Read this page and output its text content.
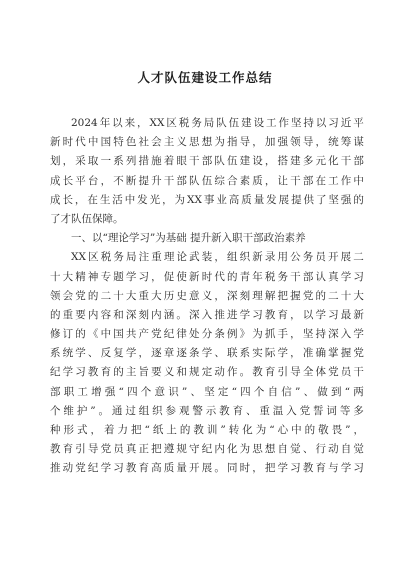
人才队伍建设工作总结
2024 年 以 来 ， XX 区 税 务 局 队 伍 建 设 工 作 坚 持 以 习 近 平
新 时 代 中 国 特 色 社 会 主 义 思 想 为 指 导 ， 加 强 领 导 ， 统 筹 谋
划 ， 采 取 一 系 列 措 施 着 眼 干 部 队 伍 建 设 ， 搭 建 多 元 化 干 部
成 长 平 台 ， 不 断 提 升 干 部 队 伍 综 合 素 质 ， 让 干 部 在 工 作 中
成 长 ， 在 生 活 中 发 光 ， 为 XX 事 业 高 质 量 发 展 提 供 了 坚 强 的
了才队伍保障。
一、以“理论学习”为基础 提升新入职干部政治素养
XX 区 税 务 局 注 重 理 论 武 装 ， 组 织 新 录 用 公 务 员 开 展 二
十 大 精 神 专 题 学 习 ， 促 使 新 时 代 的 青 年 税 务 干 部 认 真 学 习
领 会 党 的 二 十 大 重 大 历 史 意 义 ， 深 刻 理 解 把 握 党 的 二 十 大
的 重 要 内 容 和 深 刻 内 涵 。 深 入 推 进 学 习 教 育 ， 以 学 习 最 新
修 订 的 《 中 国 共 产 党 纪 律 处 分 条 例 》 为 抓 手 ， 坚 持 深 入 学
系 统 学 、 反 复 学 ， 逐 章 逐 条 学 、 联 系 实 际 学 ， 准 确 掌 握 党
纪 学 习 教 育 的 主 旨 要 义 和 规 定 动 作 。 教 育 引 导 全 体 党 员 干
部 职 工 增 强 “ 四 个 意 识 ” 、 坚 定 “ 四 个 自 信 ” 、 做 到 “ 两
个 维 护 ” 。 通 过 组 织 参 观 警 示 教 育 、 重 温 入 党 誓 词 等 多
种 形 式 ， 着 力 把 “ 纸 上 的 教 训 ” 转 化 为 “ 心 中 的 敬 畏 ” ，
教 育 引 导 党 员 真 正 把 遵 规 守 纪 内 化 为 思 想 自 觉 、 行 动 自 觉
推 动 党 纪 学 习 教 育 高 质 量 开 展 。 同 时 ， 把 学 习 教 育 与 学 习
